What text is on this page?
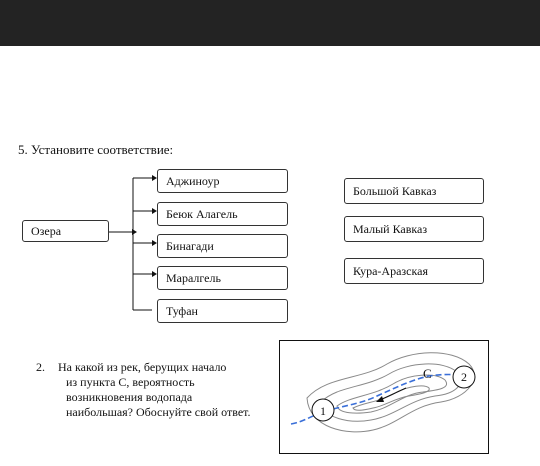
5. Установите соответствие:
Озера
Аджиноур
Беюк Алагель
Бинагади
Маралгель
Туфан
Большой Кавказ
Малый Кавказ
Кура-Аразская
2. На какой из рек, берущих начало
из пункта С, вероятность
возникновения водопада
наибольшая? Обоснуйте свой ответ.
C
1
2
